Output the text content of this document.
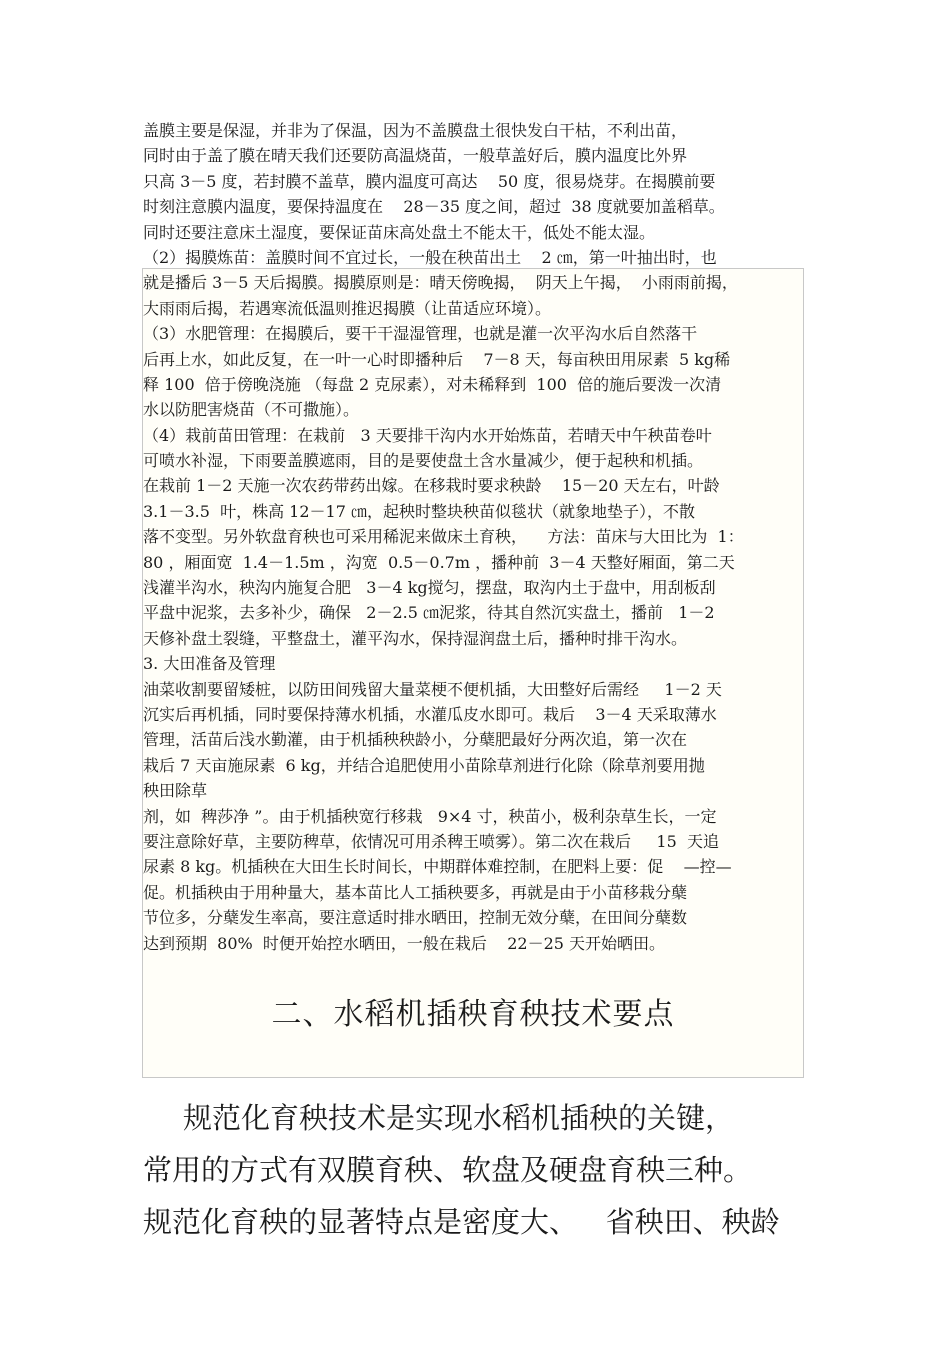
盖膜主要是保湿，并非为了保温，因为不盖膜盘土很快发白干枯，不利出苗，
同时由于盖了膜在晴天我们还要防高温烧苗，一般草盖好后，膜内温度比外界
只高 3－5 度，若封膜不盖草，膜内温度可高达    50 度，很易烧芽。在揭膜前要
时刻注意膜内温度，要保持温度在    28－35 度之间，超过  38 度就要加盖稻草。
同时还要注意床土湿度，要保证苗床高处盘土不能太干，低处不能太湿。
（2）揭膜炼苗：盖膜时间不宜过长，一般在秧苗出土    2 ㎝，第一叶抽出时，也
就是播后 3－5 天后揭膜。揭膜原则是：晴天傍晚揭，  阴天上午揭，  小雨雨前揭，
大雨雨后揭，若遇寒流低温则推迟揭膜（让苗适应环境）。
（3）水肥管理：在揭膜后，要干干湿湿管理，也就是灌一次平沟水后自然落干
后再上水，如此反复，在一叶一心时即播种后    7－8 天，每亩秧田用尿素  5 kg稀
释 100  倍于傍晚浇施 （每盘 2 克尿素），对未稀释到  100  倍的施后要泼一次清
水以防肥害烧苗（不可撒施）。
（4）栽前苗田管理：在栽前   3 天要排干沟内水开始炼苗，若晴天中午秧苗卷叶
可喷水补湿，下雨要盖膜遮雨，目的是要使盘土含水量减少，便于起秧和机插。
在栽前 1－2 天施一次农药带药出嫁。在移栽时要求秧龄    15－20 天左右，叶龄
3.1－3.5  叶，株高 12－17 ㎝，起秧时整块秧苗似毯状（就象地垫子），不散
落不变型。另外软盘育秧也可采用稀泥来做床土育秧，    方法：苗床与大田比为  1：
80 ，厢面宽  1.4－1.5m ，沟宽  0.5－0.7m ，播种前  3－4 天整好厢面，第二天
浅灌半沟水，秧沟内施复合肥   3－4 kg搅匀，摆盘，取沟内土于盘中，用刮板刮
平盘中泥浆，去多补少，确保   2－2.5 ㎝泥浆，待其自然沉实盘土，播前   1－2
天修补盘土裂缝，平整盘土，灌平沟水，保持湿润盘土后，播种时排干沟水。
3. 大田准备及管理
油菜收割要留矮桩，以防田间残留大量菜梗不便机插，大田整好后需经     1－2 天
沉实后再机插，同时要保持薄水机插，水灌瓜皮水即可。栽后    3－4 天采取薄水
管理，活苗后浅水勤灌，由于机插秧秧龄小，分蘖肥最好分两次追，第一次在
栽后 7 天亩施尿素  6 kg，并结合追肥使用小苗除草剂进行化除（除草剂要用抛
秧田除草
剂，如  稗莎净 ”。由于机插秧宽行移栽   9×4 寸，秧苗小，极利杂草生长，一定
要注意除好草，主要防稗草，依情况可用杀稗王喷雾）。第二次在栽后     15  天追
尿素 8 kg。机插秧在大田生长时间长，中期群体难控制，在肥料上要：促    —控—
促。机插秧由于用种量大，基本苗比人工插秧要多，再就是由于小苗移栽分蘖
节位多，分蘖发生率高，要注意适时排水晒田，控制无效分蘖，在田间分蘖数
达到预期  80%  时便开始控水晒田，一般在栽后    22－25 天开始晒田。
二、水稻机插秧育秧技术要点
规范化育秧技术是实现水稻机插秧的关键，
常用的方式有双膜育秧、软盘及硬盘育秧三种。
规范化育秧的显著特点是密度大、   省秧田、秧龄
